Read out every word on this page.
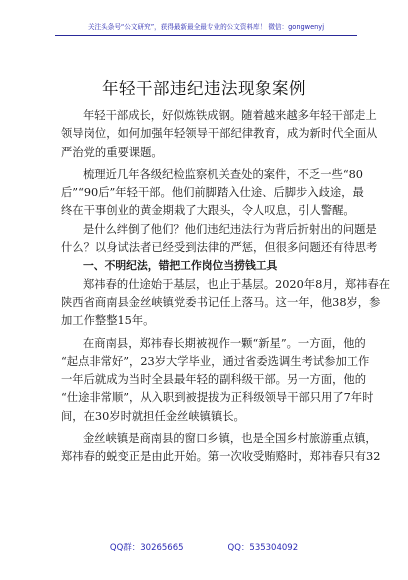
关注头条号“公文研究”，获得最新最全最专业的公文资料库！ 微信：gongwenyj
年轻干部违纪违法现象案例
年轻干部成长，好似炼铁成钢。随着越来越多年轻干部走上
领导岗位，如何加强年轻领导干部纪律教育，成为新时代全面从
严治党的重要课题。
梳理近几年各级纪检监察机关查处的案件，不乏一些“80
后”“90后”年轻干部。他们前脚踏入仕途、后脚步入歧途，最
终在干事创业的黄金期栽了大跟头，令人叹息，引人警醒。
是什么绊倒了他们？他们违纪违法行为背后折射出的问题是
什么？以身试法者已经受到法律的严惩，但很多问题还有待思考
一、不明纪法，错把工作岗位当捞钱工具
郑祎春的仕途始于基层，也止于基层。2020年8月，郑祎春在
陕西省商南县金丝峡镇党委书记任上落马。这一年，他38岁，参
加工作整整15年。
在商南县，郑祎春长期被视作一颗“新星”。一方面，他的
“起点非常好”，23岁大学毕业，通过省委选调生考试参加工作
一年后就成为当时全县最年轻的副科级干部。另一方面，他的
“仕途非常顺”，从入职到被提拔为正科级领导干部只用了7年时
间，在30岁时就担任金丝峡镇镇长。
金丝峡镇是商南县的窗口乡镇，也是全国乡村旅游重点镇，
郑祎春的蜕变正是由此开始。第一次收受贿赂时，郑祎春只有32
QQ群：30265665	QQ：535304092
